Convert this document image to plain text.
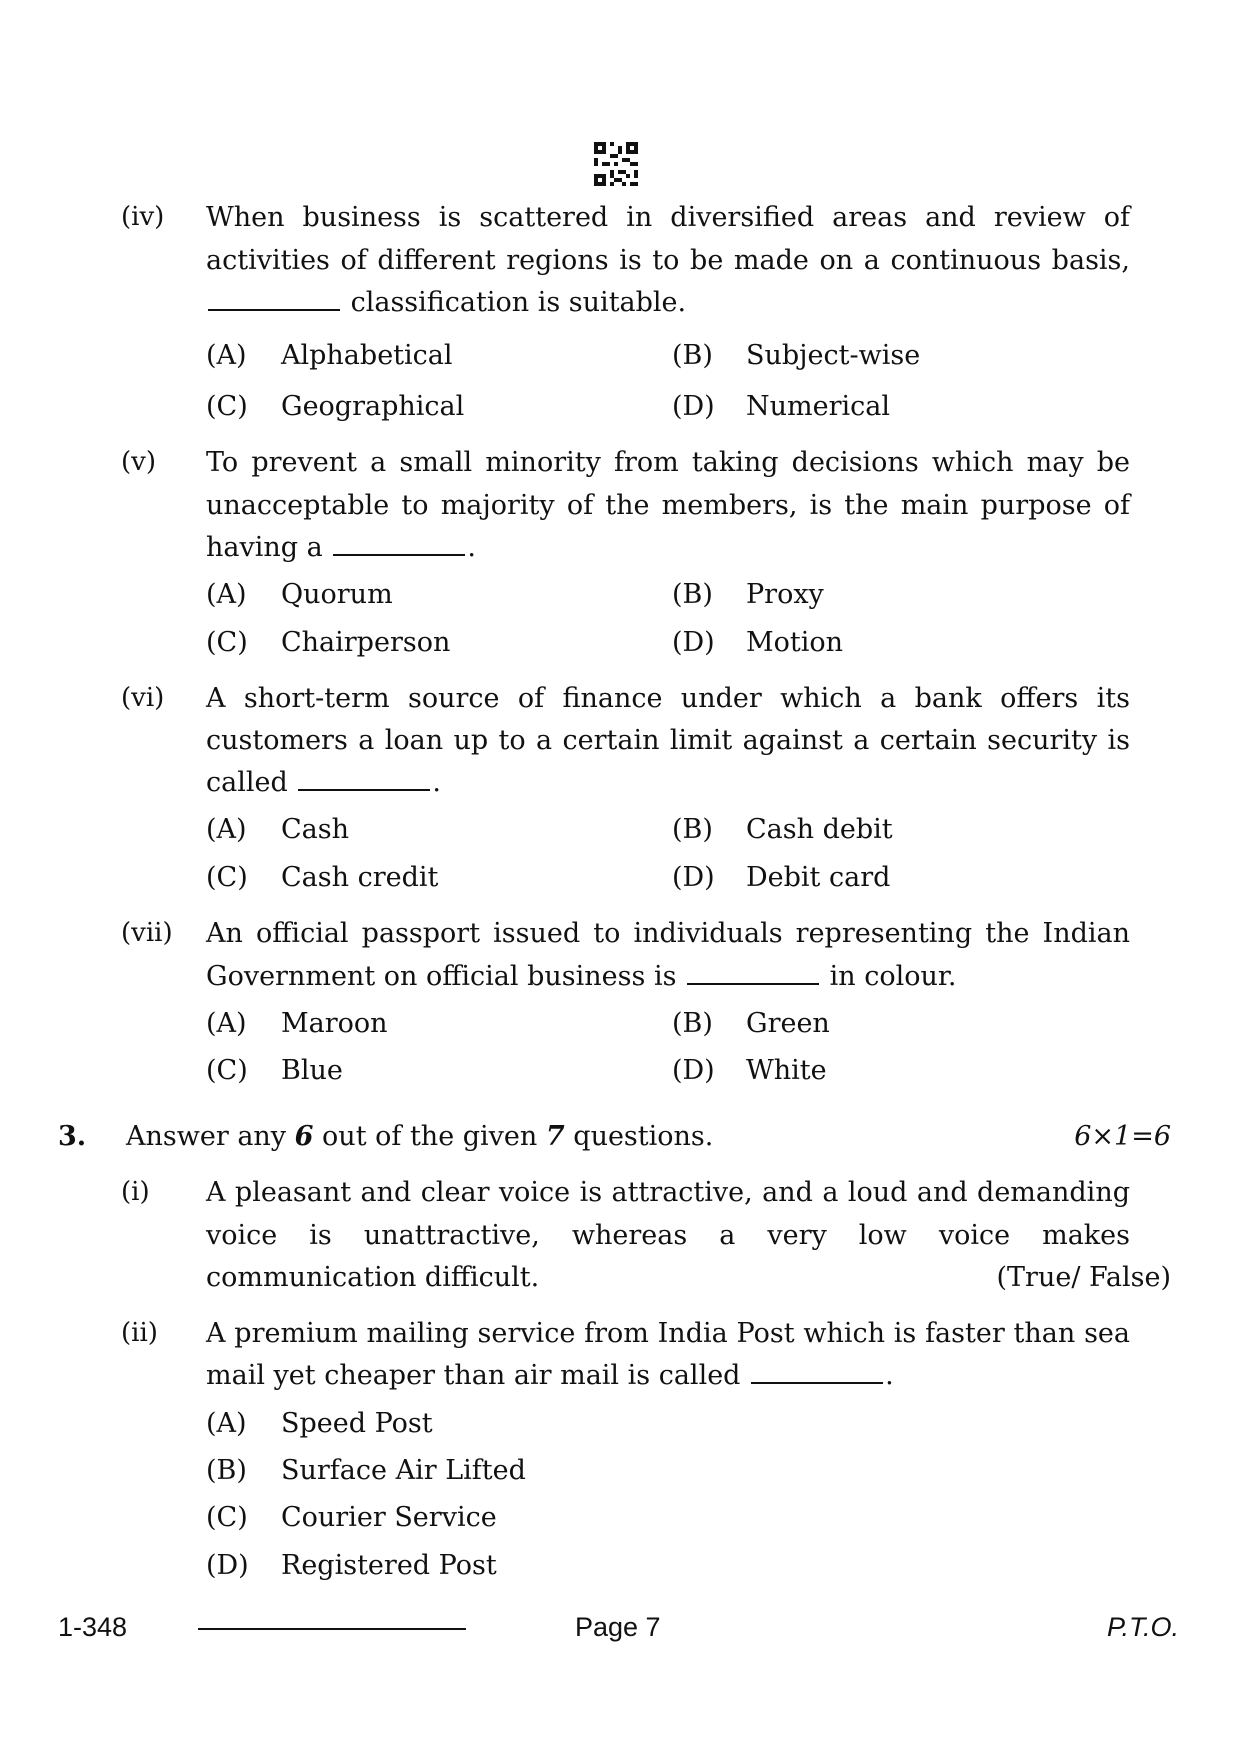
(iv) When business is scattered in diversified areas and review of
activities of different regions is to be made on a continuous basis,
classification is suitable.
(A) Alphabetical	(B) Subject-wise
(C) Geographical	(D) Numerical
(v) To prevent a small minority from taking decisions which may be
unacceptable to majority of the members, is the main purpose of
having a	.
(A) Quorum	(B) Proxy
(C) Chairperson	(D) Motion
(vi) A short-term source of finance under which a bank offers its
customers a loan up to a certain limit against a certain security is
called	.
(A) Cash	(B) Cash debit
(C) Cash credit	(D) Debit card
(vii) An official passport issued to individuals representing the Indian
Government on official business is	in colour.
(A) Maroon	(B) Green
(C) Blue	(D) White
3. Answer any 6 out of the given 7 questions.	6×1=6
(i) A pleasant and clear voice is attractive, and a loud and demanding
voice is unattractive, whereas a very low voice makes
communication difficult.	(True/ False)
(ii) A premium mailing service from India Post which is faster than sea
mail yet cheaper than air mail is called	.
(A) Speed Post
(B) Surface Air Lifted
(C) Courier Service
(D) Registered Post
1-348	Page 7	P.T.O.
